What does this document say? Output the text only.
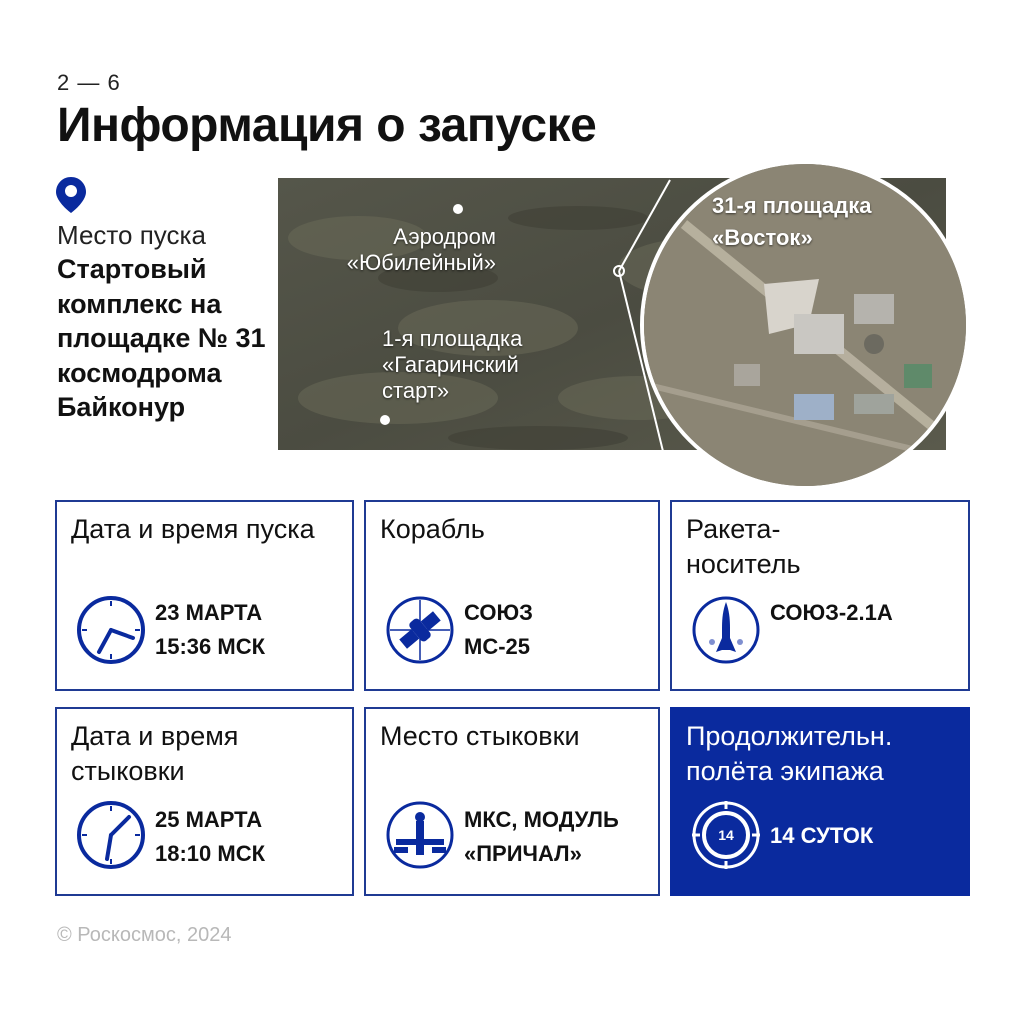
2 — 6
Информация о запуске
Место пуска
Стартовый комплекс на площадке № 31 космодрома Байконур
Аэродром «Юбилейный»
1-я площадка «Гагаринский старт»
31-я площадка «Восток»
Дата и время пуска
23 МАРТА
15:36 МСК
Корабль
СОЮЗ
МС-25
Ракета-носитель
СОЮЗ-2.1А
Дата и время стыковки
25 МАРТА
18:10 МСК
Место стыковки
МКС, МОДУЛЬ
«ПРИЧАЛ»
Продолжительн. полёта экипажа
14 14 СУТОК
© Роскосмос, 2024
